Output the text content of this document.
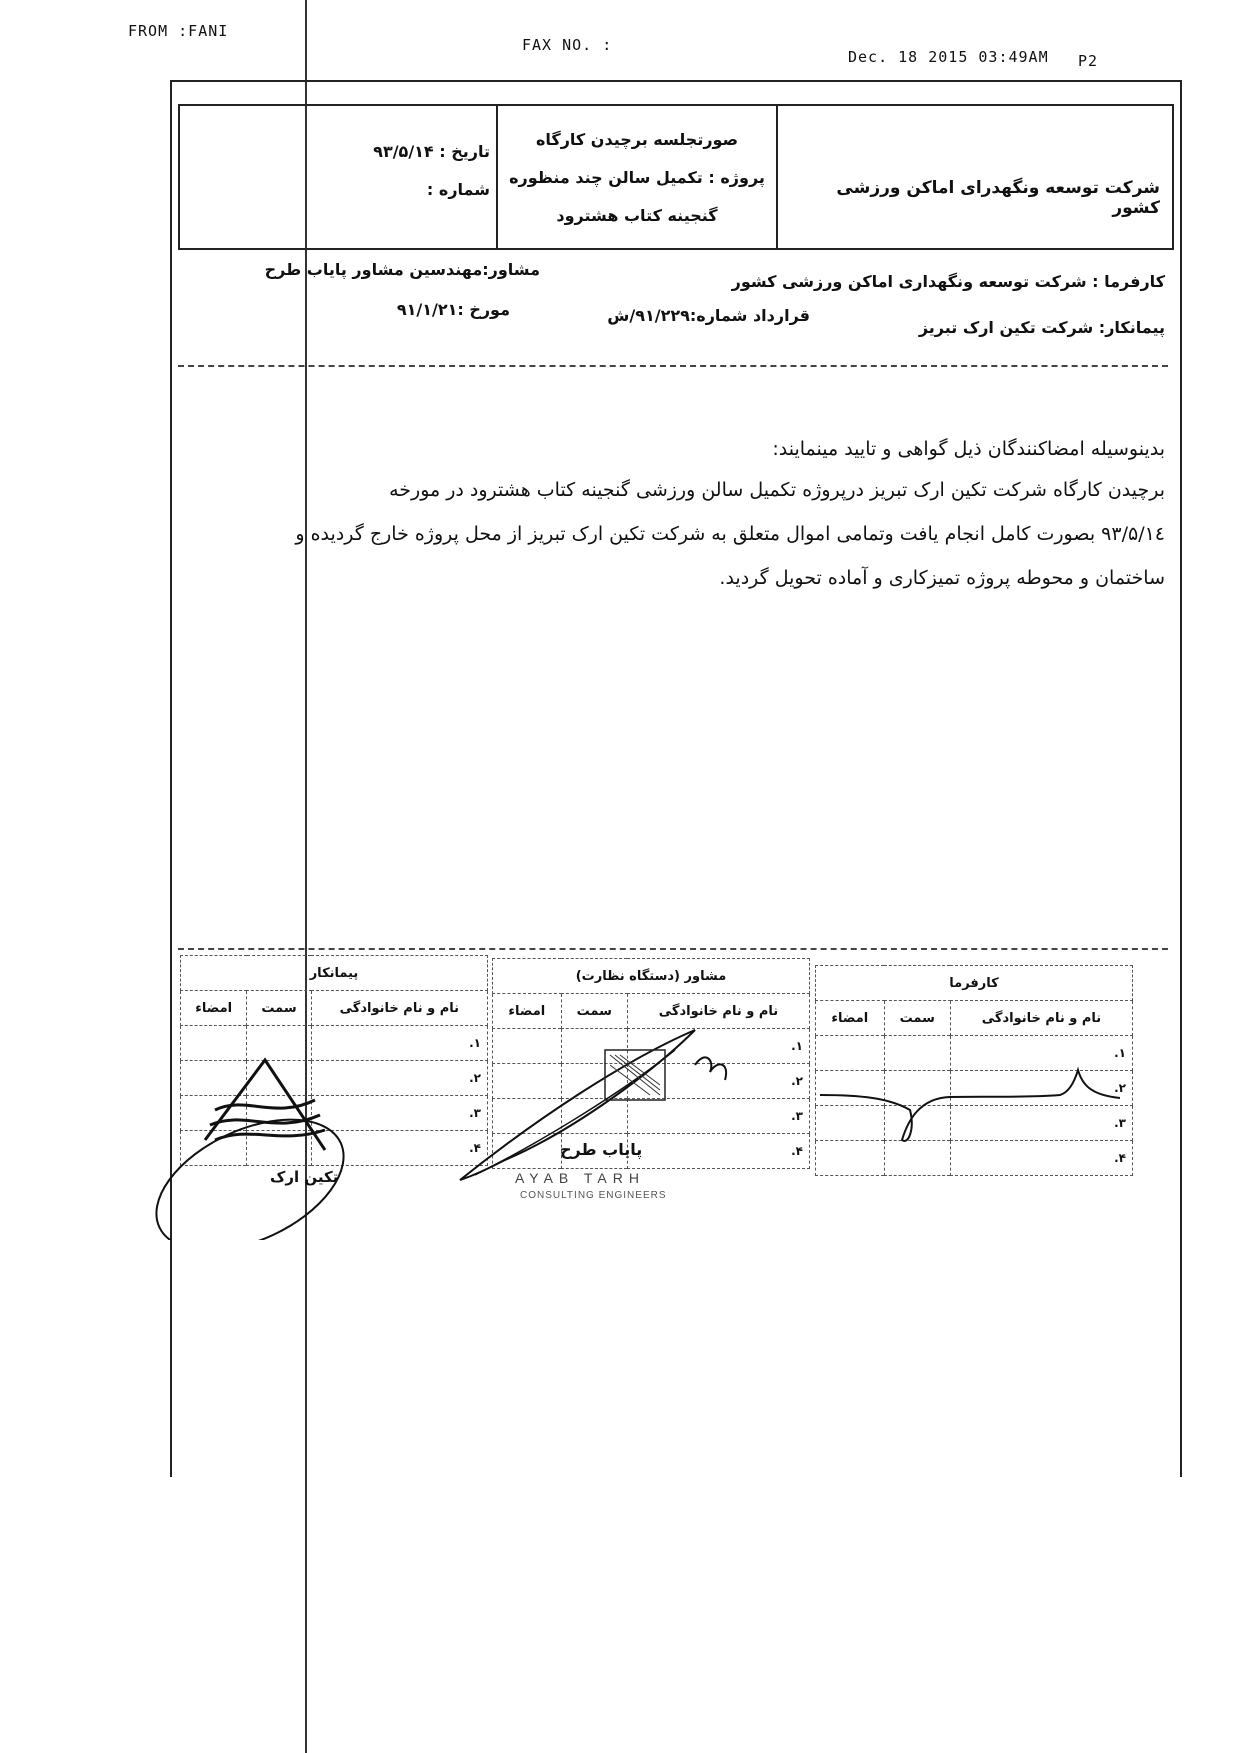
FROM :FANI
FAX NO. :
Dec. 18 2015 03:49AM P2
شرکت توسعه ونگهدرای اماکن ورزشی کشور
صورتجلسه برچیدن کارگاه
پروژه : تکمیل سالن چند منظوره
گنجینه کتاب هشترود
تاریخ : ۹۳/۵/۱۴
شماره :
کارفرما : شرکت توسعه ونگهداری اماکن ورزشی کشور
مشاور:مهندسین مشاور پایاب طرح
پیمانکار: شرکت تکین ارک تبریز
قرارداد شماره:۹۱/۲۲۹/ش
مورخ :۹۱/۱/۲۱
بدینوسیله امضاکنندگان ذیل گواهی و تایید مینمایند:
برچیدن کارگاه شرکت تکین ارک تبریز درپروژه تکمیل سالن ورزشی گنجینه کتاب هشترود در مورخه
۹۳/۵/۱٤ بصورت کامل انجام یافت وتمامی اموال متعلق به شرکت تکین ارک تبریز از محل پروژه خارج گردیده و
ساختمان و محوطه پروژه تمیزکاری و آماده تحویل گردید.
کارفرما		
نام و نام خانوادگی	سمت	امضاء
۱.		
۲.		
۳.		
۴.		
مشاور (دستگاه نظارت)		
نام و نام خانوادگی	سمت	امضاء
۱.		
۲.		
۳.		
۴.		
پیمانکار		
نام و نام خانوادگی	سمت	امضاء
۱.		
۲.		
۳.		
۴.			پایاب طرح
AYAB TARH
CONSULTING ENGINEERS
تکین ارک
